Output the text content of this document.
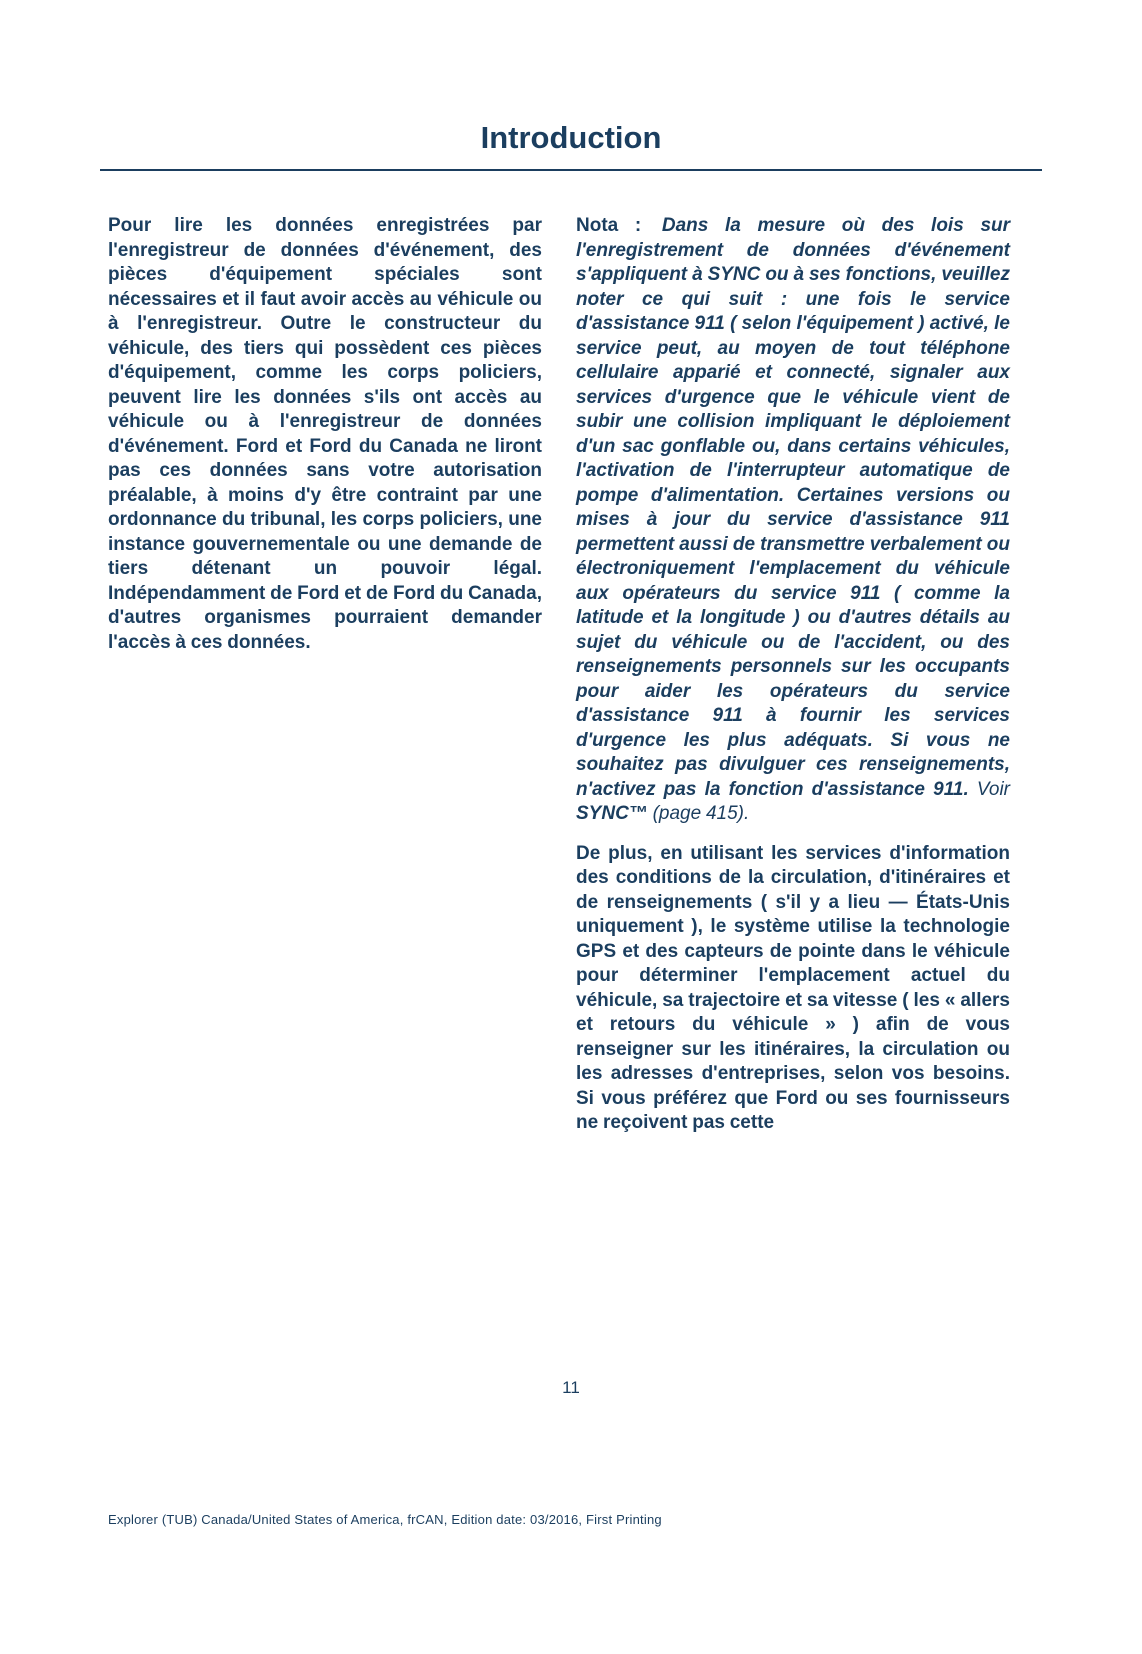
Introduction

Pour lire les données enregistrées par l'enregistreur de données d'événement, des pièces d'équipement spéciales sont nécessaires et il faut avoir accès au véhicule ou à l'enregistreur. Outre le constructeur du véhicule, des tiers qui possèdent ces pièces d'équipement, comme les corps policiers, peuvent lire les données s'ils ont accès au véhicule ou à l'enregistreur de données d'événement. Ford et Ford du Canada ne liront pas ces données sans votre autorisation préalable, à moins d'y être contraint par une ordonnance du tribunal, les corps policiers, une instance gouvernementale ou une demande de tiers détenant un pouvoir légal. Indépendamment de Ford et de Ford du Canada, d'autres organismes pourraient demander l'accès à ces données.

Nota : Dans la mesure où des lois sur l'enregistrement de données d'événement s'appliquent à SYNC ou à ses fonctions, veuillez noter ce qui suit : une fois le service d'assistance 911 ( selon l'équipement ) activé, le service peut, au moyen de tout téléphone cellulaire apparié et connecté, signaler aux services d'urgence que le véhicule vient de subir une collision impliquant le déploiement d'un sac gonflable ou, dans certains véhicules, l'activation de l'interrupteur automatique de pompe d'alimentation. Certaines versions ou mises à jour du service d'assistance 911 permettent aussi de transmettre verbalement ou électroniquement l'emplacement du véhicule aux opérateurs du service 911 ( comme la latitude et la longitude ) ou d'autres détails au sujet du véhicule ou de l'accident, ou des renseignements personnels sur les occupants pour aider les opérateurs du service d'assistance 911 à fournir les services d'urgence les plus adéquats. Si vous ne souhaitez pas divulguer ces renseignements, n'activez pas la fonction d'assistance 911. Voir SYNC™ (page 415).

De plus, en utilisant les services d'information des conditions de la circulation, d'itinéraires et de renseignements ( s'il y a lieu — États-Unis uniquement ), le système utilise la technologie GPS et des capteurs de pointe dans le véhicule pour déterminer l'emplacement actuel du véhicule, sa trajectoire et sa vitesse ( les « allers et retours du véhicule » ) afin de vous renseigner sur les itinéraires, la circulation ou les adresses d'entreprises, selon vos besoins. Si vous préférez que Ford ou ses fournisseurs ne reçoivent pas cette

11
Explorer (TUB) Canada/United States of America, frCAN, Edition date: 03/2016, First Printing
